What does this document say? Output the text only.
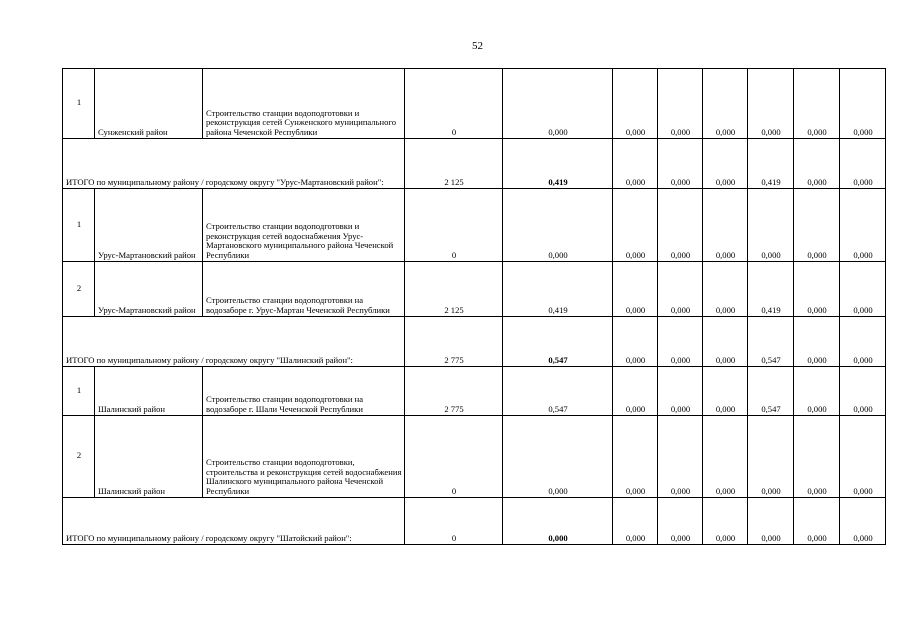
52
1	Сунженский район	Строительство станции водоподготовки и реконструкция сетей Сунженского муниципального района Чеченской Республики	0	0,000	0,000	0,000	0,000	0,000	0,000	0,000
ИТОГО по муниципальному району / городскому округу "Урус-Мартановский район":			2 125	0,419	0,000	0,000	0,000	0,419	0,000	0,000
1	Урус-Мартановский район	Строительство станции водоподготовки и реконструкция сетей водоснабжения Урус-Мартановского муниципального района Чеченской Республики	0	0,000	0,000	0,000	0,000	0,000	0,000	0,000
2	Урус-Мартановский район	Строительство станции водоподготовки на водозаборе г. Урус-Мартан Чеченской Республики	2 125	0,419	0,000	0,000	0,000	0,419	0,000	0,000
ИТОГО по муниципальному району / городскому округу "Шалинский район":			2 775	0,547	0,000	0,000	0,000	0,547	0,000	0,000
1	Шалинский район	Строительство станции водоподготовки на водозаборе г. Шали Чеченской Республики	2 775	0,547	0,000	0,000	0,000	0,547	0,000	0,000
2	Шалинский район	Строительство станции водоподготовки, строительства и реконструкция сетей водоснабжения Шалинского муниципального района Чеченской Республики	0	0,000	0,000	0,000	0,000	0,000	0,000	0,000
ИТОГО по муниципальному району / городскому округу "Шатойский район":			0	0,000	0,000	0,000	0,000	0,000	0,000	0,000
